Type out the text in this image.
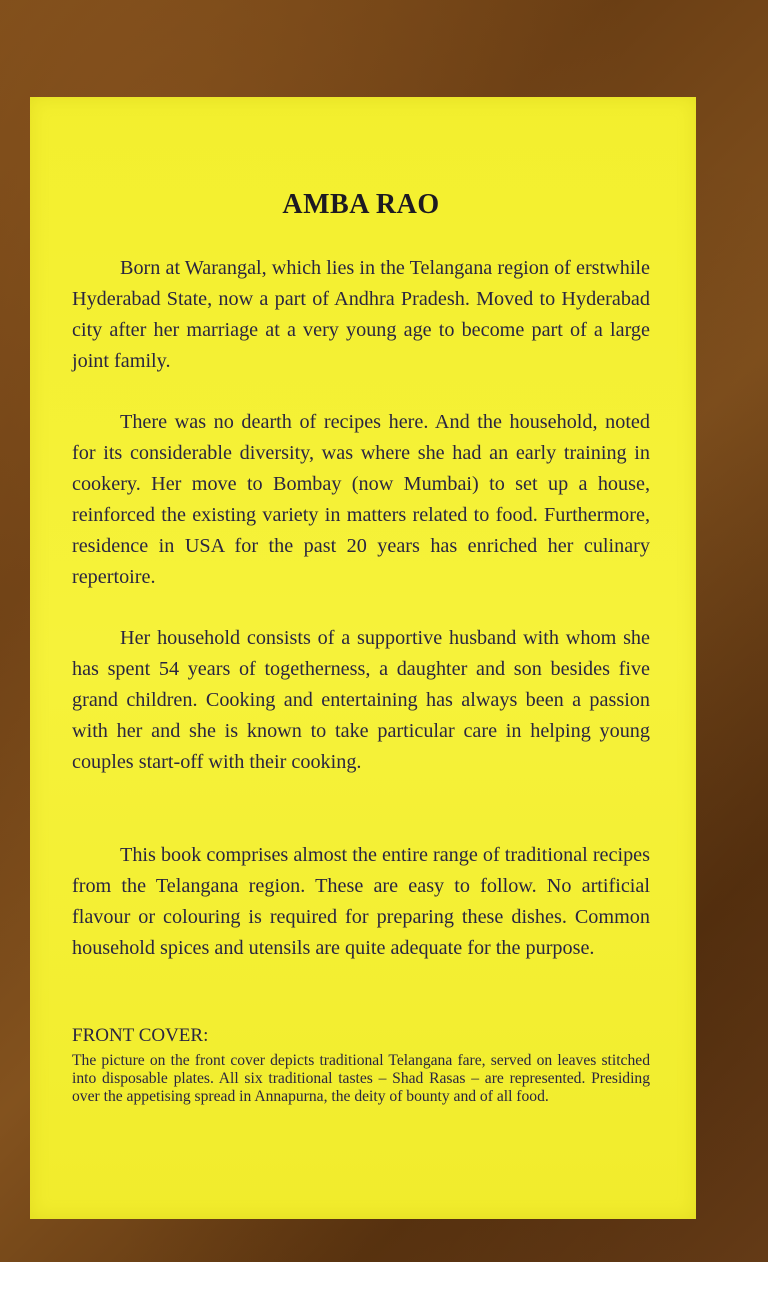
AMBA RAO

Born at Warangal, which lies in the Telangana region of erstwhile Hyderabad State, now a part of Andhra Pradesh. Moved to Hyderabad city after her marriage at a very young age to become part of a large joint family.

There was no dearth of recipes here. And the household, noted for its considerable diversity, was where she had an early training in cookery. Her move to Bombay (now Mumbai) to set up a house, reinforced the existing variety in matters related to food. Furthermore, residence in USA for the past 20 years has enriched her culinary repertoire.

Her household consists of a supportive husband with whom she has spent 54 years of togetherness, a daughter and son besides five grand children. Cooking and entertaining has always been a passion with her and she is known to take particular care in helping young couples start-off with their cooking.

This book comprises almost the entire range of traditional recipes from the Telangana region. These are easy to follow. No artificial flavour or colouring is required for preparing these dishes. Common household spices and utensils are quite adequate for the purpose.

FRONT COVER:

The picture on the front cover depicts traditional Telangana fare, served on leaves stitched into disposable plates. All six traditional tastes – Shad Rasas – are represented. Presiding over the appetising spread in Annapurna, the deity of bounty and of all food.
